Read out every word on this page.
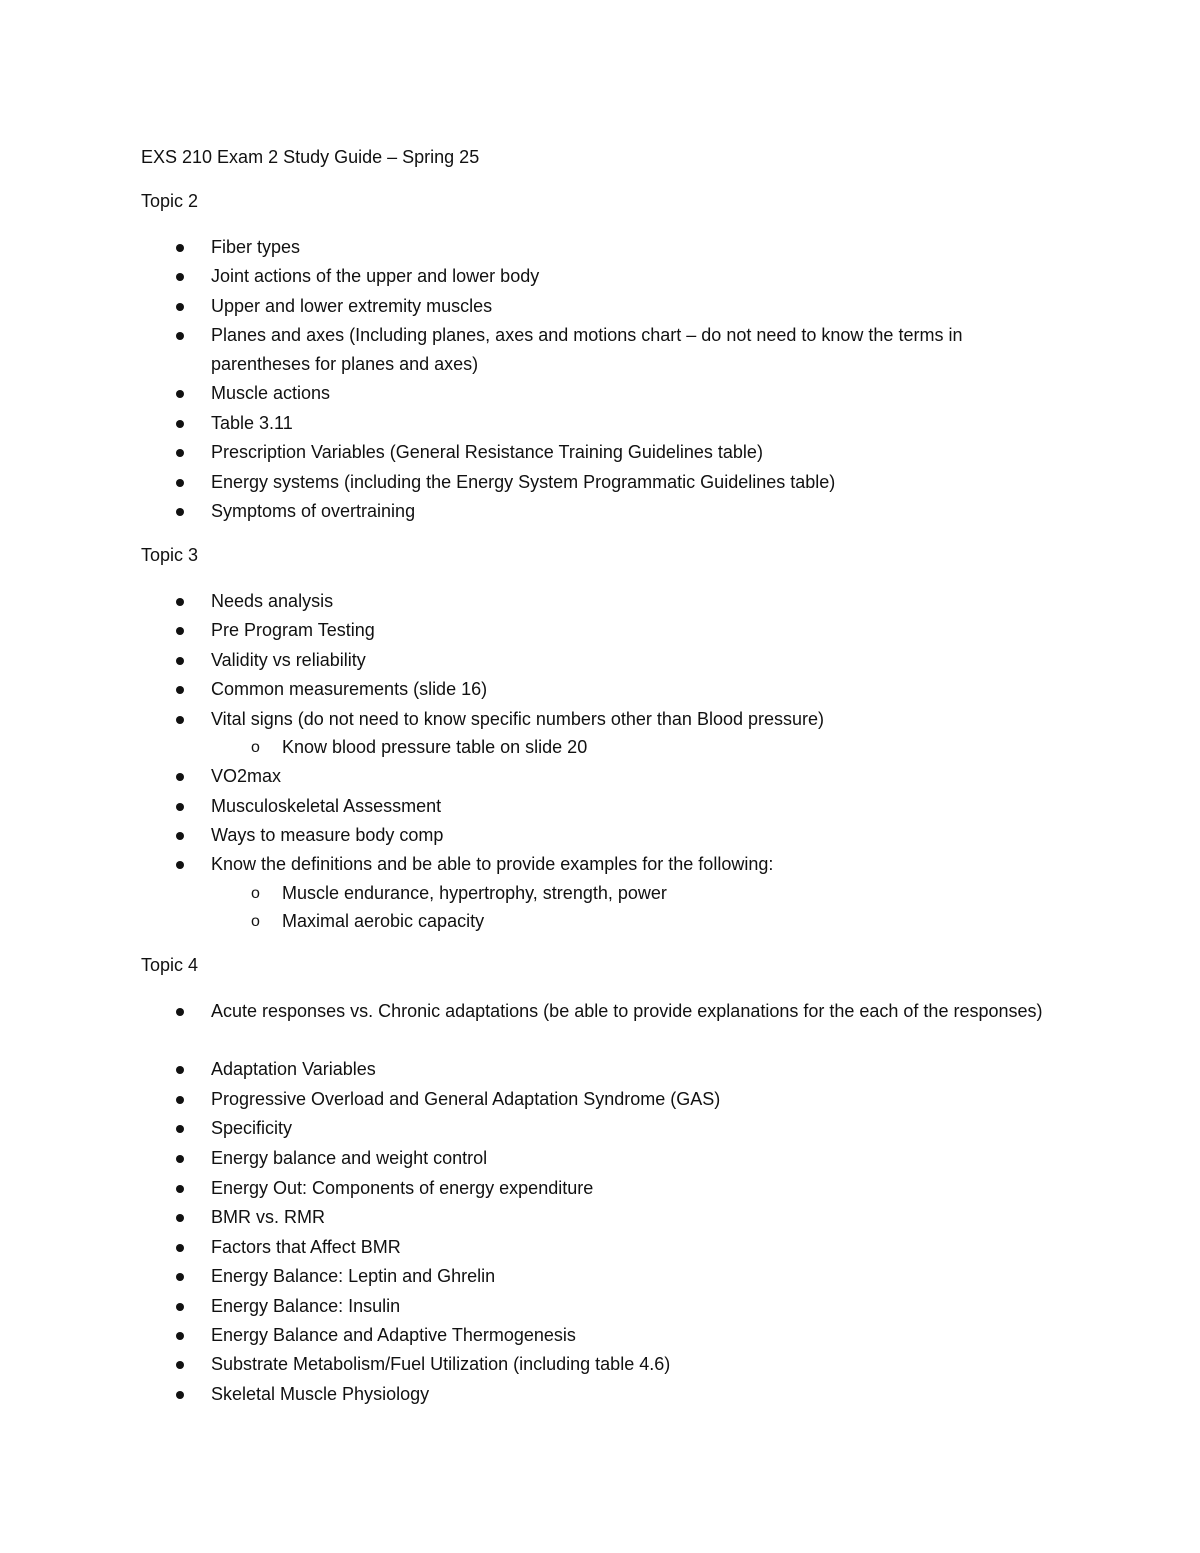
EXS 210 Exam 2 Study Guide – Spring 25
Topic 2
Fiber types
Joint actions of the upper and lower body
Upper and lower extremity muscles
Planes and axes (Including planes, axes and motions chart – do not need to know the terms in parentheses for planes and axes)
Muscle actions
Table 3.11
Prescription Variables (General Resistance Training Guidelines table)
Energy systems (including the Energy System Programmatic Guidelines table)
Symptoms of overtraining
Topic 3
Needs analysis
Pre Program Testing
Validity vs reliability
Common measurements (slide 16)
Vital signs (do not need to know specific numbers other than Blood pressure)
o Know blood pressure table on slide 20
VO2max
Musculoskeletal Assessment
Ways to measure body comp
Know the definitions and be able to provide examples for the following:
o Muscle endurance, hypertrophy, strength, power
o Maximal aerobic capacity
Topic 4
Acute responses vs. Chronic adaptations (be able to provide explanations for the each of the responses)
Adaptation Variables
Progressive Overload and General Adaptation Syndrome (GAS)
Specificity
Energy balance and weight control
Energy Out: Components of energy expenditure
BMR vs. RMR
Factors that Affect BMR
Energy Balance: Leptin and Ghrelin
Energy Balance: Insulin
Energy Balance and Adaptive Thermogenesis
Substrate Metabolism/Fuel Utilization (including table 4.6)
Skeletal Muscle Physiology
